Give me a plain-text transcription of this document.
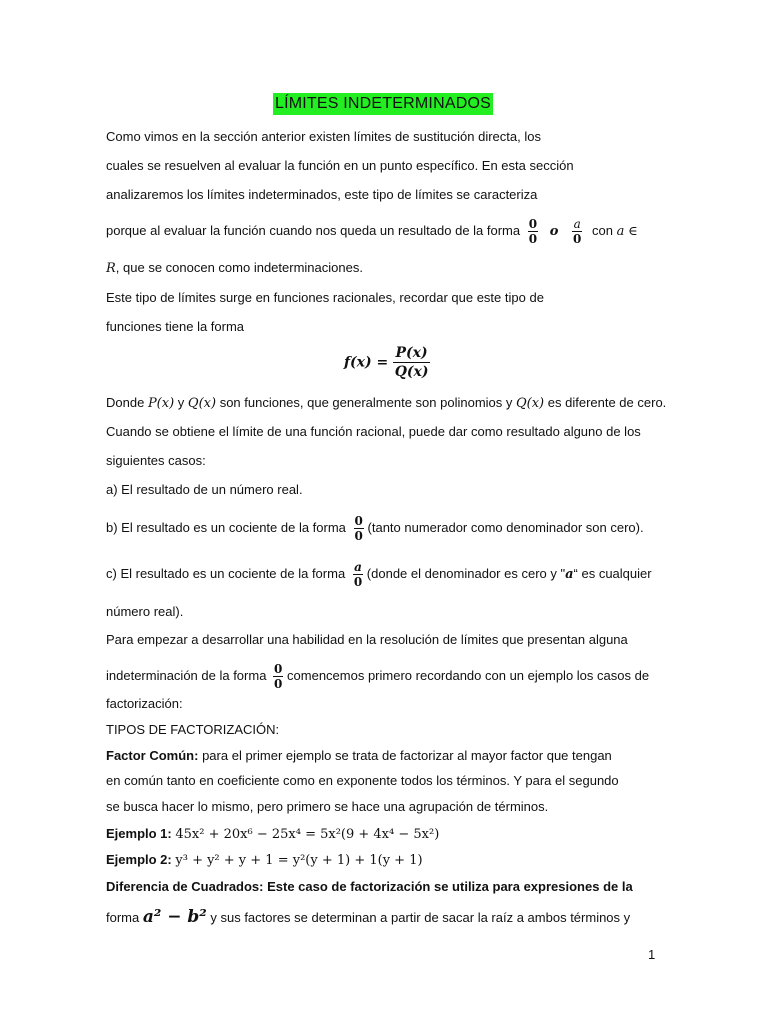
LÍMITES INDETERMINADOS
Como vimos en la sección anterior existen límites de sustitución directa, los
cuales se resuelven al evaluar la función en un punto específico. En esta sección
analizaremos los límites indeterminados, este tipo de límites se caracteriza
porque al evaluar la función cuando nos queda un resultado de la forma $\frac{0}{0}$ o $\frac{a}{0}$ con a ∈
R, que se conocen como indeterminaciones.
Este tipo de límites surge en funciones racionales, recordar que este tipo de
funciones tiene la forma
$f(x) = \frac{P(x)}{Q(x)}$
Donde P(x) y Q(x) son funciones, que generalmente son polinomios y Q(x) es diferente de cero.
Cuando se obtiene el límite de una función racional, puede dar como resultado alguno de los
siguientes casos:
a) El resultado de un número real.
b) El resultado es un cociente de la forma $\frac{0}{0}$ (tanto numerador como denominador son cero).
c) El resultado es un cociente de la forma $\frac{a}{0}$ (donde el denominador es cero y "a“ es cualquier
número real).
Para empezar a desarrollar una habilidad en la resolución de límites que presentan alguna
indeterminación de la forma $\frac{0}{0}$ comencemos primero recordando con un ejemplo los casos de
factorización:
TIPOS DE FACTORIZACIÓN:
Factor Común: para el primer ejemplo se trata de factorizar al mayor factor que tengan
en común tanto en coeficiente como en exponente todos los términos. Y para el segundo
se busca hacer lo mismo, pero primero se hace una agrupación de términos.
Ejemplo 1: 45x² + 20x⁶ − 25x⁴ = 5x²(9 + 4x⁴ − 5x²)
Ejemplo 2: y³ + y² + y + 1 = y²(y + 1) + 1(y + 1)
Diferencia de Cuadrados: Este caso de factorización se utiliza para expresiones de la
forma a² − b² y sus factores se determinan a partir de sacar la raíz a ambos términos y
1
